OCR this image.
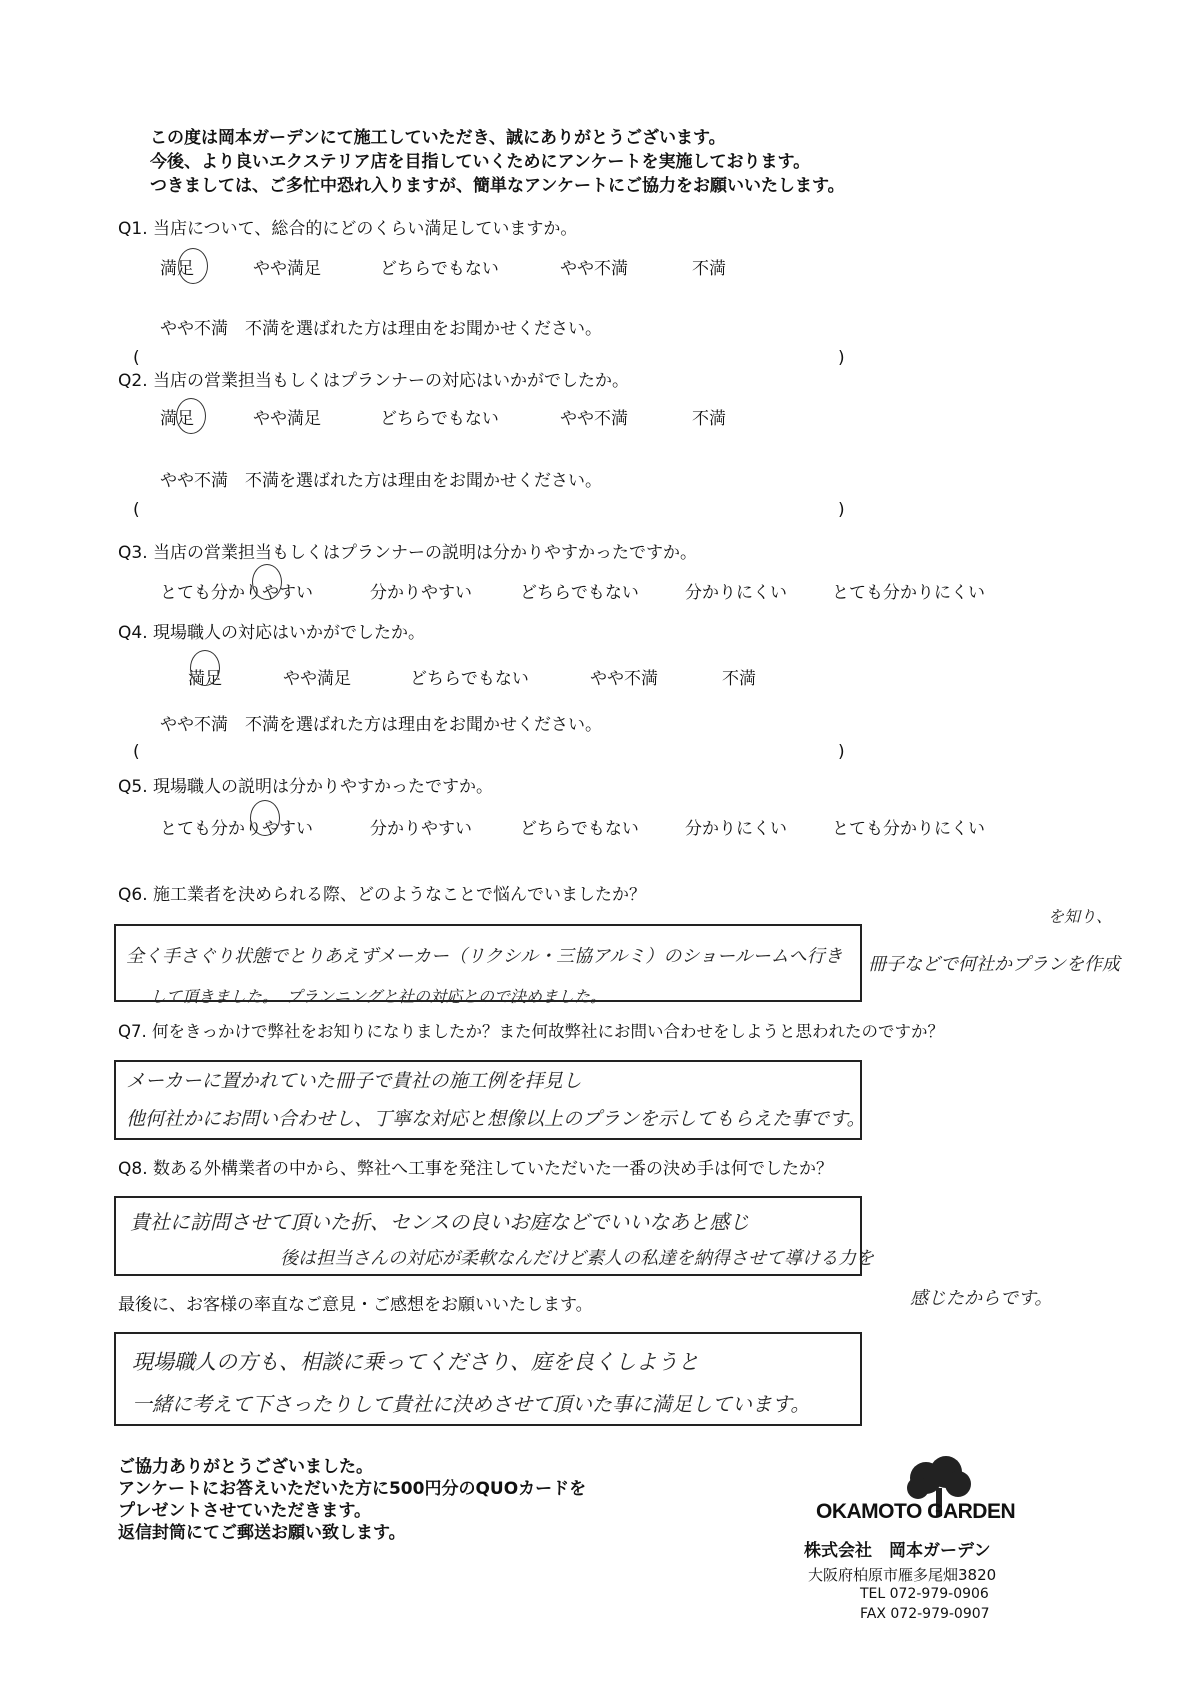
この度は岡本ガーデンにて施工していただき、誠にありがとうございます。
今後、より良いエクステリア店を目指していくためにアンケートを実施しております。
つきましては、ご多忙中恐れ入りますが、簡単なアンケートにご協力をお願いいたします。
Q1. 当店について、総合的にどのくらい満足していますか。
満足	やや満足	どちらでもない	やや不満	不満
やや不満　不満を選ばれた方は理由をお聞かせください。
(	)
Q2. 当店の営業担当もしくはプランナーの対応はいかがでしたか。
満足	やや満足	どちらでもない	やや不満	不満
やや不満　不満を選ばれた方は理由をお聞かせください。
(	)
Q3. 当店の営業担当もしくはプランナーの説明は分かりやすかったですか。
とても分かりやすい	分かりやすい	どちらでもない	分かりにくい	とても分かりにくい
Q4. 現場職人の対応はいかがでしたか。
満足	やや満足	どちらでもない	やや不満	不満
やや不満　不満を選ばれた方は理由をお聞かせください。
(	)
Q5. 現場職人の説明は分かりやすかったですか。
とても分かりやすい	分かりやすい	どちらでもない	分かりにくい	とても分かりにくい
Q6. 施工業者を決められる際、どのようなことで悩んでいましたか？
全く手さぐり状態でとりあえずメーカー（リクシル・三協アルミ）のショールームへ行き 冊子などで何社かプランを作成
を知り、
して頂きました。　プランニングと社の対応とので決めました。
Q7. 何をきっかけで弊社をお知りになりましたか？また何故弊社にお問い合わせをしようと思われたのですか？
メーカーに置かれていた冊子で貴社の施工例を拝見し
他何社かにお問い合わせし、丁寧な対応と想像以上のプランを示してもらえた事です。
Q8. 数ある外構業者の中から、弊社へ工事を発注していただいた一番の決め手は何でしたか？
貴社に訪問させて頂いた折、センスの良いお庭などでいいなあと感じ
後は担当さんの対応が柔軟なんだけど素人の私達を納得させて導ける力を
感じたからです。
最後に、お客様の率直なご意見・ご感想をお願いいたします。
現場職人の方も、相談に乗ってくださり、庭を良くしようと
一緒に考えて下さったりして貴社に決めさせて頂いた事に満足しています。
ご協力ありがとうございました。
アンケートにお答えいただいた方に500円分のQUOカードを
プレゼントさせていただきます。
返信封筒にてご郵送お願い致します。
OKAMOTO GARDEN
株式会社　岡本ガーデン
大阪府柏原市雁多尾畑3820
TEL 072-979-0906
FAX 072-979-0907
